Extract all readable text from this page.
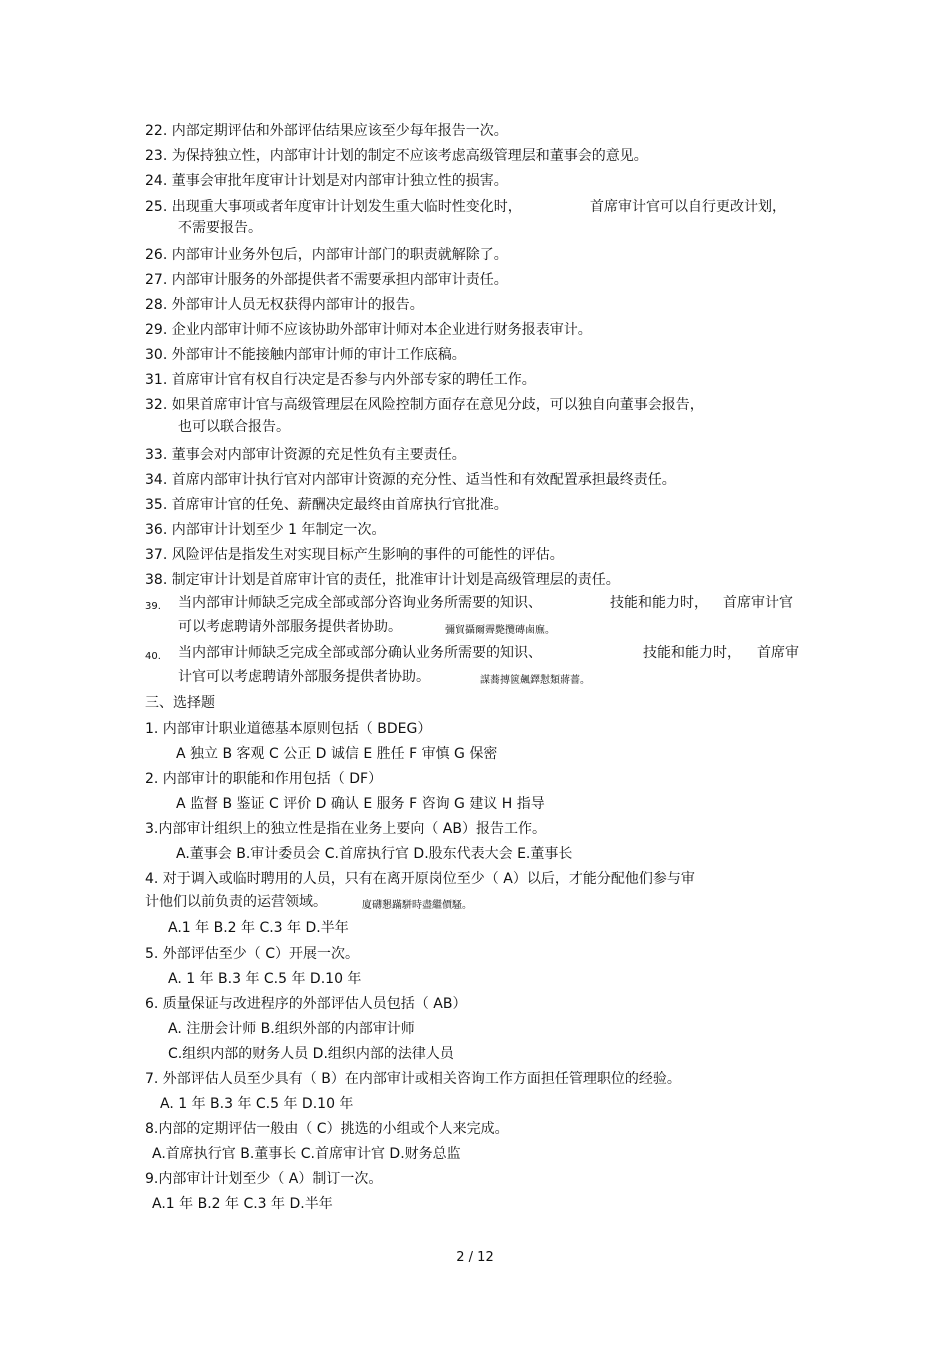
22. 内部定期评估和外部评估结果应该至少每年报告一次。
23. 为保持独立性，内部审计计划的制定不应该考虑高级管理层和董事会的意见。
24. 董事会审批年度审计计划是对内部审计独立性的损害。
25. 出现重大事项或者年度审计计划发生重大临时性变化时，	首席审计官可以自行更改计划，
不需要报告。
26. 内部审计业务外包后，内部审计部门的职责就解除了。
27. 内部审计服务的外部提供者不需要承担内部审计责任。
28. 外部审计人员无权获得内部审计的报告。
29. 企业内部审计师不应该协助外部审计师对本企业进行财务报表审计。
30. 外部审计不能接触内部审计师的审计工作底稿。
31. 首席审计官有权自行决定是否参与内外部专家的聘任工作。
32. 如果首席审计官与高级管理层在风险控制方面存在意见分歧，可以独自向董事会报告，
也可以联合报告。
33. 董事会对内部审计资源的充足性负有主要责任。
34. 首席内部审计执行官对内部审计资源的充分性、适当性和有效配置承担最终责任。
35. 首席审计官的任免、薪酬决定最终由首席执行官批准。
36. 内部审计计划至少 1 年制定一次。
37. 风险评估是指发生对实现目标产生影响的事件的可能性的评估。
38. 制定审计计划是首席审计官的责任，批准审计计划是高级管理层的责任。
39. 当内部审计师缺乏完成全部或部分咨询业务所需要的知识、	技能和能力时， 首席审计官
可以考虑聘请外部服务提供者协助。	彌貿攝爾霽斃攬磚鹵廡。
40. 当内部审计师缺乏完成全部或部分确认业务所需要的知识、	技能和能力时， 首席审
计官可以考虑聘请外部服务提供者协助。	謀蕎摶篋飆鐸懟類蔣薔。
三、选择题
1. 内部审计职业道德基本原则包括（ BDEG）
A 独立 B 客观 C 公正 D 诚信 E 胜任 F 审慎 G 保密
2. 内部审计的职能和作用包括（ DF）
A 监督 B 鉴证 C 评价 D 确认 E 服务 F 咨询 G 建议 H 指导
3.内部审计组织上的独立性是指在业务上要向（ AB）报告工作。
A.董事会 B.审计委员会 C.首席执行官 D.股东代表大会 E.董事长
4. 对于调入或临时聘用的人员，只有在离开原岗位至少（ A）以后，才能分配他们参与审
计他们以前负责的运营领域。	廈礴懇蹣駢時盡繼價騷。
A.1 年 B.2 年 C.3 年 D.半年
5. 外部评估至少（ C）开展一次。
A. 1 年 B.3 年 C.5 年 D.10 年
6. 质量保证与改进程序的外部评估人员包括（ AB）
A. 注册会计师 B.组织外部的内部审计师
C.组织内部的财务人员 D.组织内部的法律人员
7. 外部评估人员至少具有（ B）在内部审计或相关咨询工作方面担任管理职位的经验。
A. 1 年 B.3 年 C.5 年 D.10 年
8.内部的定期评估一般由（ C）挑选的小组或个人来完成。
A.首席执行官 B.董事长 C.首席审计官 D.财务总监
9.内部审计计划至少（ A）制订一次。
A.1 年 B.2 年 C.3 年 D.半年
2 / 12
